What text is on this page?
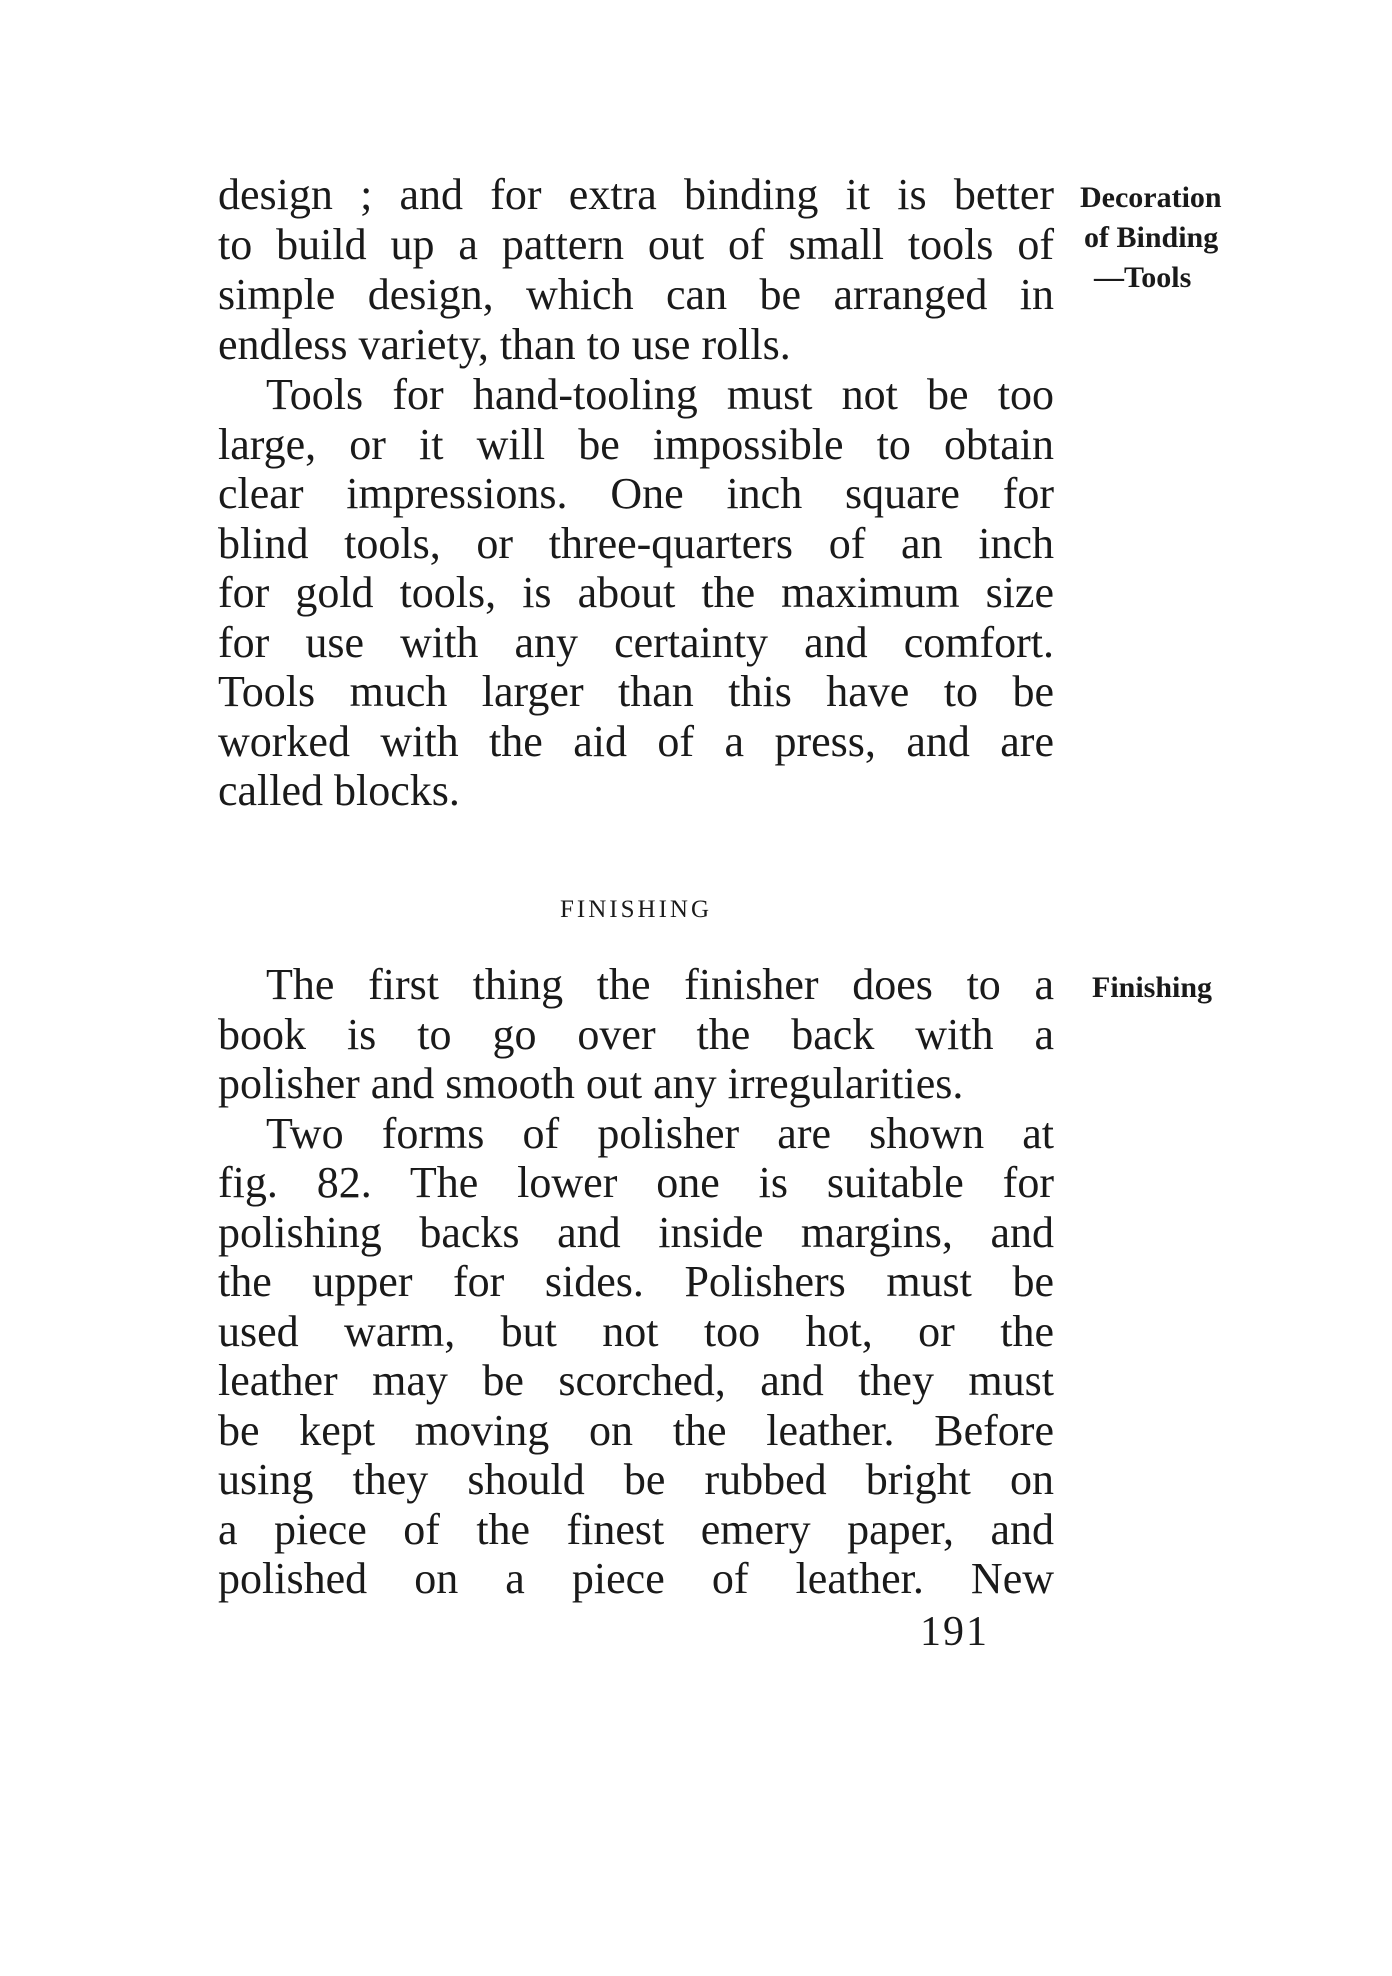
Decoration
of Binding
—Tools
Finishing
design ; and for extra binding it is better
to build up a pattern out of small tools of
simple design, which can be arranged in
endless variety, than to use rolls.
Tools for hand-tooling must not be too
large, or it will be impossible to obtain
clear impressions. One inch square for
blind tools, or three-quarters of an inch
for gold tools, is about the maximum size
for use with any certainty and comfort.
Tools much larger than this have to be
worked with the aid of a press, and are
called blocks.
FINISHING
The first thing the finisher does to a
book is to go over the back with a
polisher and smooth out any irregularities.
Two forms of polisher are shown at
fig. 82. The lower one is suitable for
polishing backs and inside margins, and
the upper for sides. Polishers must be
used warm, but not too hot, or the
leather may be scorched, and they must
be kept moving on the leather. Before
using they should be rubbed bright on
a piece of the finest emery paper, and
polished on a piece of leather. New
191
